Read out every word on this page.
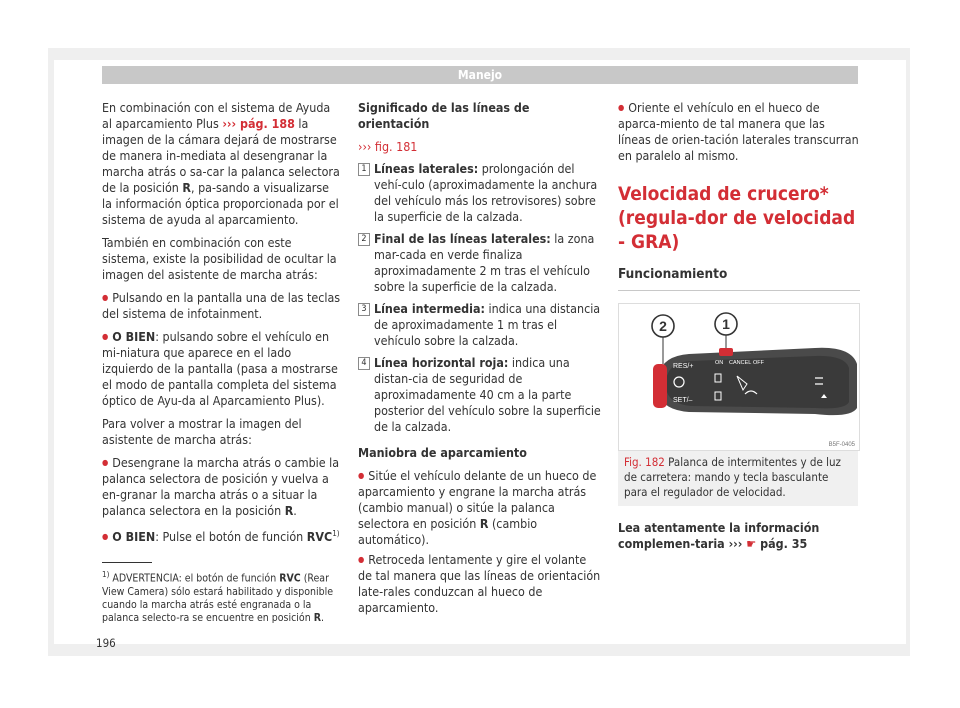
Manejo

En combinación con el sistema de Ayuda al aparcamiento Plus ››› pág. 188 la imagen de la cámara dejará de mostrarse de manera in-mediata al desengranar la marcha atrás o sa-car la palanca selectora de la posición R, pa-sando a visualizarse la información óptica proporcionada por el sistema de ayuda al aparcamiento.

También en combinación con este sistema, existe la posibilidad de ocultar la imagen del asistente de marcha atrás:

● Pulsando en la pantalla una de las teclas del sistema de infotainment.

● O BIEN: pulsando sobre el vehículo en mi-niatura que aparece en el lado izquierdo de la pantalla (pasa a mostrarse el modo de pantalla completa del sistema óptico de Ayu-da al Aparcamiento Plus).

Para volver a mostrar la imagen del asistente de marcha atrás:

● Desengrane la marcha atrás o cambie la palanca selectora de posición y vuelva a en-granar la marcha atrás o a situar la palanca selectora en la posición R.

● O BIEN: Pulse el botón de función RVC$^{1)}$

Significado de las líneas de orientación

››› fig. 181

1 Líneas laterales: prolongación del vehí-culo (aproximadamente la anchura del vehículo más los retrovisores) sobre la superficie de la calzada.
2 Final de las líneas laterales: la zona mar-cada en verde finaliza aproximadamente 2 m tras el vehículo sobre la superficie de la calzada.
3 Línea intermedia: indica una distancia de aproximadamente 1 m tras el vehículo sobre la calzada.
4 Línea horizontal roja: indica una distan-cia de seguridad de aproximadamente 40 cm a la parte posterior del vehículo sobre la superficie de la calzada.

Maniobra de aparcamiento

● Sitúe el vehículo delante de un hueco de aparcamiento y engrane la marcha atrás (cambio manual) o sitúe la palanca selectora en posición R (cambio automático).

● Retroceda lentamente y gire el volante de tal manera que las líneas de orientación late-rales conduzcan al hueco de aparcamiento.

● Oriente el vehículo en el hueco de aparca-miento de tal manera que las líneas de orien-tación laterales transcurran en paralelo al mismo.

Velocidad de crucero* (regula-dor de velocidad - GRA)
Funcionamiento
2	1
RES/+
SET/–
ON CANCEL OFF
B5F-0405
Fig. 182 Palanca de intermitentes y de luz de carretera: mando y tecla basculante para el regulador de velocidad.

Lea atentamente la información complemen-taria ››› ☛ pág. 35

$^{1)}$ ADVERTENCIA: el botón de función RVC (Rear View Camera) sólo estará habilitado y disponible cuando la marcha atrás esté engranada o la palanca selecto-ra se encuentre en posición R.
196
